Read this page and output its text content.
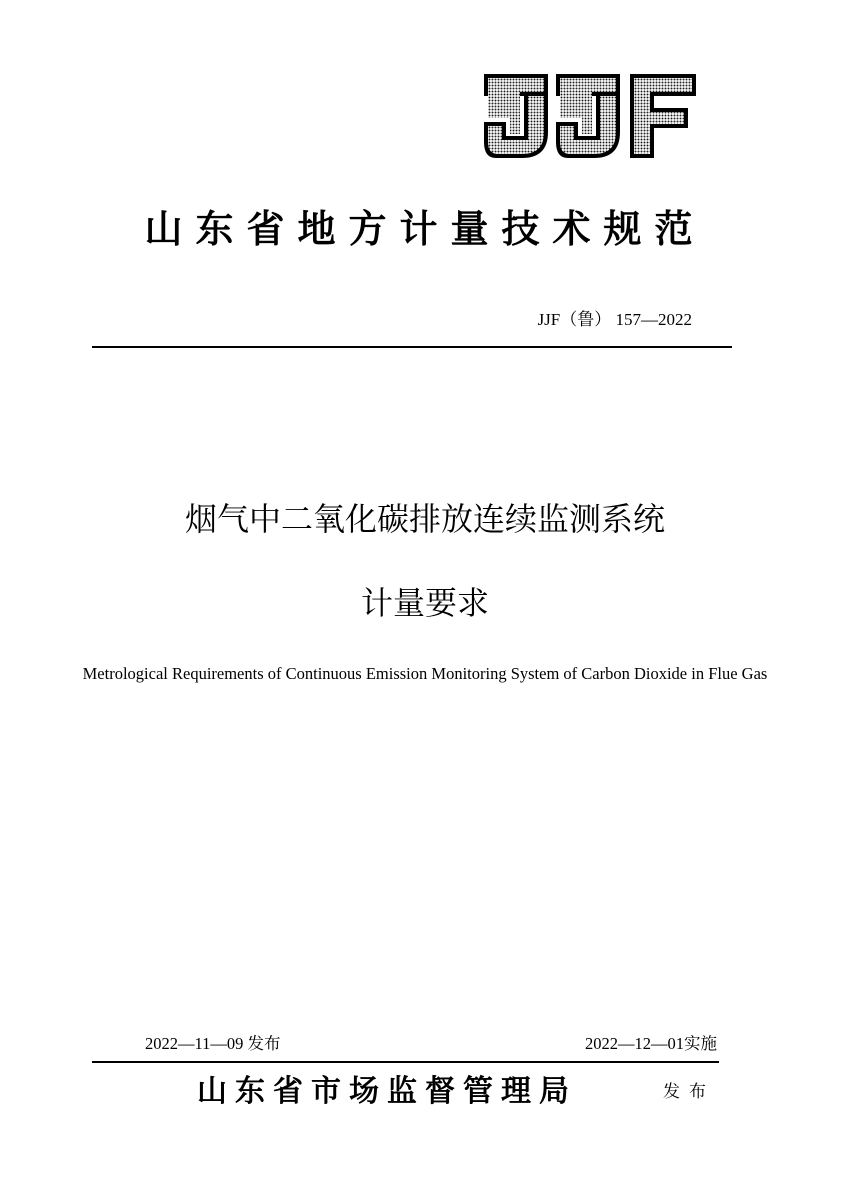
山东省地方计量技术规范
JJF（鲁） 157—2022
烟气中二氧化碳排放连续监测系统
计量要求
Metrological Requirements of Continuous Emission Monitoring System of Carbon Dioxide in Flue Gas
2022—11—09 发布	2022—12—01实施
山东省市场监督管理局	发布
